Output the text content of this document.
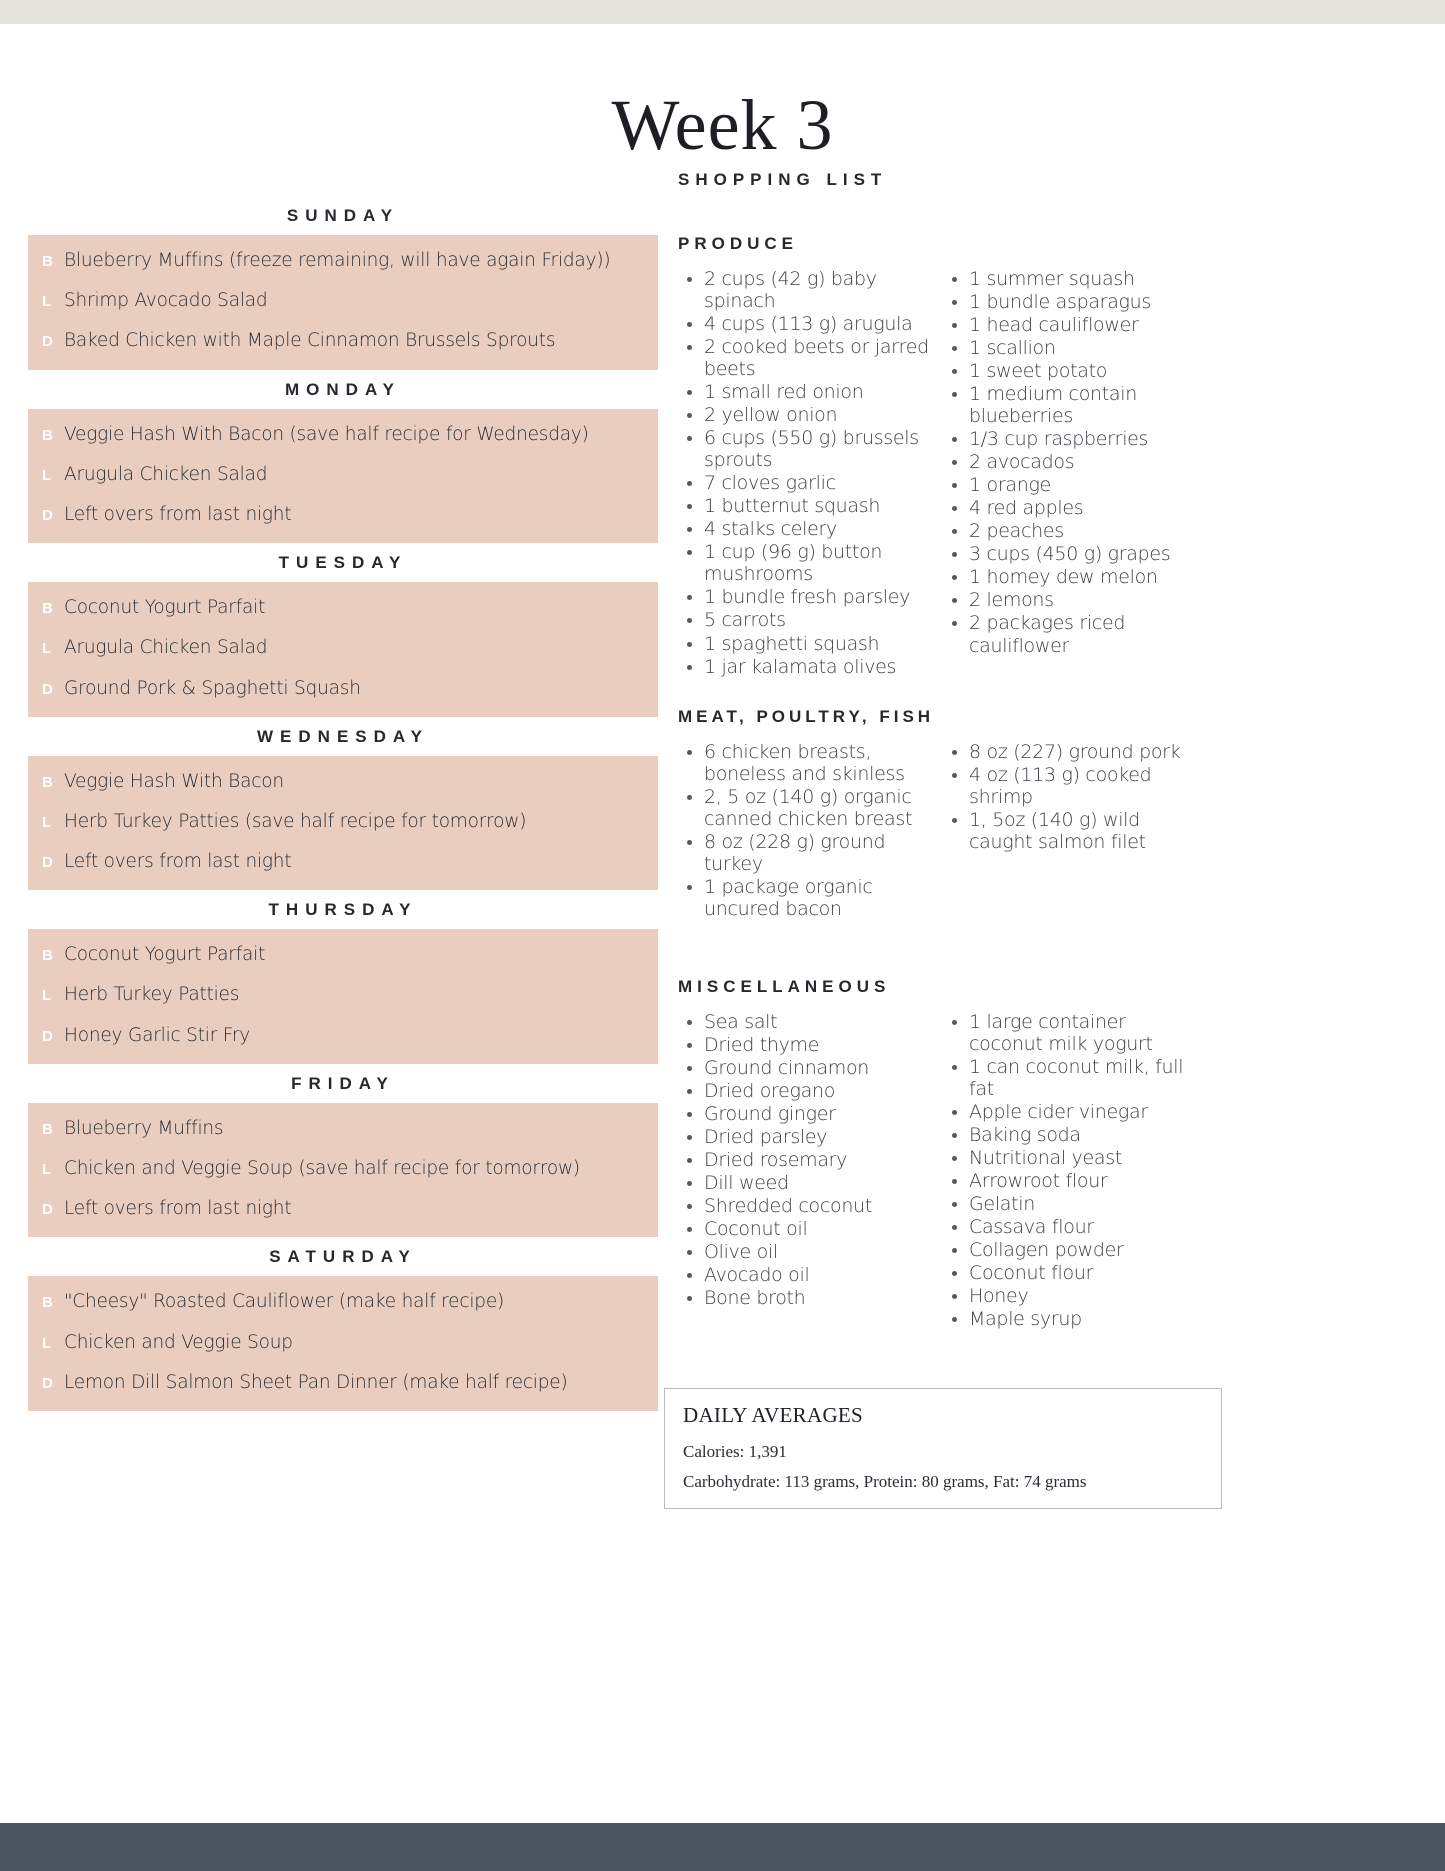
Week 3
SUNDAY
B Blueberry Muffins (freeze remaining, will have again Friday))
L Shrimp Avocado Salad
D Baked Chicken with Maple Cinnamon Brussels Sprouts
MONDAY
B Veggie Hash With Bacon (save half recipe for Wednesday)
L Arugula Chicken Salad
D Left overs from last night
TUESDAY
B Coconut Yogurt Parfait
L Arugula Chicken Salad
D Ground Pork & Spaghetti Squash
WEDNESDAY
B Veggie Hash With Bacon
L Herb Turkey Patties (save half recipe for tomorrow)
D Left overs from last night
THURSDAY
B Coconut Yogurt Parfait
L Herb Turkey Patties
D Honey Garlic Stir Fry
FRIDAY
B Blueberry Muffins
L Chicken and Veggie Soup (save half recipe for tomorrow)
D Left overs from last night
SATURDAY
B "Cheesy" Roasted Cauliflower (make half recipe)
L Chicken and Veggie Soup
D Lemon Dill Salmon Sheet Pan Dinner (make half recipe)
SHOPPING LIST
PRODUCE
2 cups (42 g) baby spinach
4 cups (113 g) arugula
2 cooked beets or jarred beets
1 small red onion
2 yellow onion
6 cups (550 g) brussels sprouts
7 cloves garlic
1 butternut squash
4 stalks celery
1 cup (96 g) button mushrooms
1 bundle fresh parsley
5 carrots
1 spaghetti squash
1 jar kalamata olives
1 summer squash
1 bundle asparagus
1 head cauliflower
1 scallion
1 sweet potato
1 medium contain blueberries
1/3 cup raspberries
2 avocados
1 orange
4 red apples
2 peaches
3 cups (450 g) grapes
1 homey dew melon
2 lemons
2 packages riced cauliflower
MEAT, POULTRY, FISH
6 chicken breasts, boneless and skinless
2, 5 oz (140 g) organic canned chicken breast
8 oz (228 g) ground turkey
1 package organic uncured bacon
8 oz (227) ground pork
4 oz (113 g) cooked shrimp
1, 5oz (140 g) wild caught salmon filet
MISCELLANEOUS
Sea salt
Dried thyme
Ground cinnamon
Dried oregano
Ground ginger
Dried parsley
Dried rosemary
Dill weed
Shredded coconut
Coconut oil
Olive oil
Avocado oil
Bone broth
1 large container coconut milk yogurt
1 can coconut milk, full fat
Apple cider vinegar
Baking soda
Nutritional yeast
Arrowroot flour
Gelatin
Cassava flour
Collagen powder
Coconut flour
Honey
Maple syrup
DAILY AVERAGES
Calories: 1,391
Carbohydrate: 113 grams, Protein: 80 grams, Fat: 74 grams
